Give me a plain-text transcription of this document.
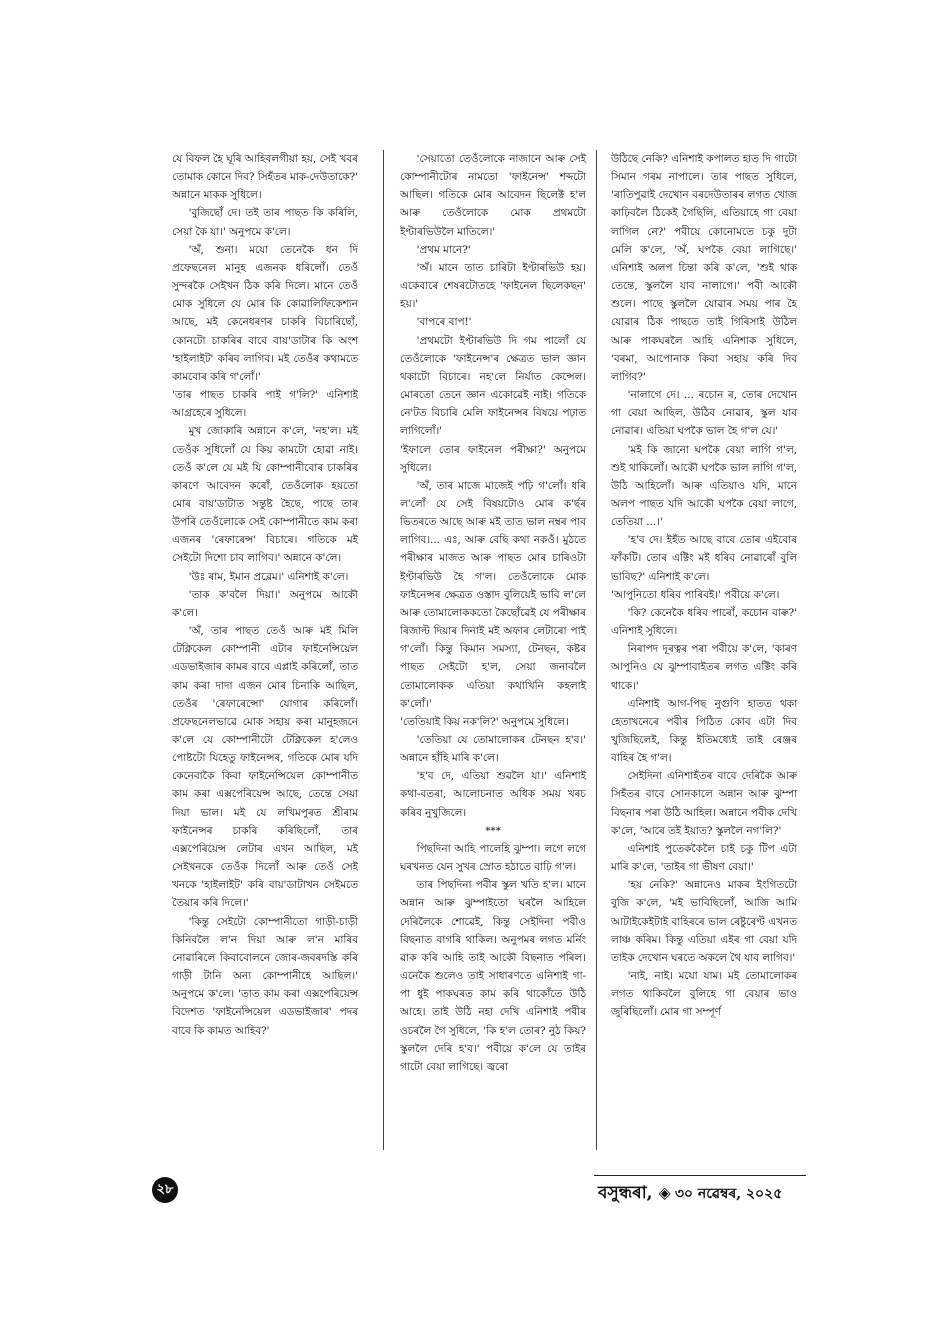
যে বিফল হৈ ঘূৰি আহিবলগীয়া হয়, সেই খবৰ তোমাক কোনে দিব? সিহঁতৰ মাক-দেউতাকে?' অন্নানে মাকক সুধিলে।

'বুজিছোঁ দে। তই তাৰ পাছত কি কৰিলি, সেয়া কৈ যা।' অনুপমে ক'লে।

'অঁ, শুনা। মযো তেনেকৈ ধন দি প্ৰফেছনেল মানুহ এজনক ধৰিলোঁ। তেওঁ সুন্দৰকৈ সেইখন ঠিক কৰি দিলে। মানে তেওঁ মোক সুধিলে যে মোৰ কি কোৱালিফিকেশ্যন আছে, মই কেনেধৰণৰ চাকৰি বিচাৰিছোঁ, কোনটো চাকৰিৰ বাবে বায়'ডাটাৰ কি অংশ 'হাইলাইট' কৰিব লাগিব। মই তেওঁৰ কথামতে কামবোৰ কৰি গ'লোঁ।'

'তাৰ পাছত চাকৰি পাই গ'লি?' এনিশাই আগ্ৰহেৰে সুধিলে।

মুখ জোকাৰি অন্নানে ক'লে, 'নহ'ল। মই তেওঁক সুধিলোঁ যে কিয় কামটো হোৱা নাই। তেওঁ ক'লে যে মই যি কোম্পানীবোৰ চাকৰিৰ কাৰণে আবেদন কৰোঁ, তেওঁলোক হয়তো মোৰ বায়'ডাটাত সন্তুষ্ট হৈছে, পাছে তাৰ উপৰি তেওঁলোকে সেই কোম্পানীতে কাম কৰা এজনৰ 'ৰেফাৰেন্স' বিচাৰে। গতিকে মই সেইটো দিশো চাব লাগিব।' অন্নানে ক'লে।

'উঃ ৰাম, ইমান প্ৰব্লেম।' এনিশাই ক'লে।

'তাক ক'বলৈ দিয়া।' অনুপমে আকৌ ক'লে।

'অঁ, তাৰ পাছত তেওঁ আৰু মই মিলি টেক্নিকেল কোম্পানী এটাৰ ফাইনেন্সিয়েল এডভাইজাৰ কামৰ বাবে এপ্লাই কৰিলোঁ, তাত কাম কৰা দাদা এজন মোৰ চিনাকি আছিল, তেওঁৰ 'ৰেফাৰেন্সো' যোগাৰ কৰিলোঁ। প্ৰফেছনেলভাৱে মোক সহায় কৰা মানুহজনে ক'লে যে কোম্পানীটো টেক্নিকেল হ'লেও পোষ্টটো যিহেতু ফাইনেন্সৰ, গতিকে মোৰ যদি কেনেবাকৈ কিবা ফাইনেন্সিয়েল কোম্পানীত কাম কৰা এক্সপেৰিয়েন্স আছে, তেন্তে সেয়া দিয়া ভাল। মই যে লখিমপুৰত শ্ৰীৰাম ফাইনেন্সৰ চাকৰি কৰিছিলোঁ, তাৰ এক্সপেৰিয়েন্স লেটাৰ এখন আছিল, মই সেইখনকে তেওঁক দিলোঁ আৰু তেওঁ সেই খনকে 'হাইলাইট' কৰি বায়'ডাটাখন সেইমতে তৈয়াৰ কৰি দিলে।'

'কিন্তু সেইটো কোম্পানীতো গাড়ী-চাড়ী কিনিবলৈ ল'ন দিয়া আৰু ল'ন মাৰিব নোৱাৰিলে কিবাবোলনে জোৰ-জবৰদস্তি কৰি গাড়ী টানি অন্য কোম্পানীহে আছিল।' অনুপমে ক'লে। 'তাত কাম কৰা এক্সপেৰিয়েন্স বিদেশত 'ফাইনেন্সিয়েল এডভাইজাৰ' পদৰ বাবে কি কামত আহিব?'

'সেয়াতো তেওঁলোকে নাজানে আৰু সেই কোম্পানীটোৰ নামতো 'ফাইনেন্স' শব্দটো আছিল। গতিকে মোৰ আবেদন ছিলেক্ট হ'ল আৰু তেওঁলোকে মোক প্ৰথমটো ইণ্টাৰভিউলৈ মাতিলে।'

'প্ৰথম মানে?'

'অঁ। মানে তাত চাৰিটা ইণ্টাৰভিউ হয়। একেবাৰে শেষৰটোতহে 'ফাইনেল ছিলেকছন' হয়।'

'বাপৰে বাপ!'

'প্ৰথমটো ইণ্টাৰভিউ দি গম পালোঁ যে তেওঁলোকে 'ফাইনেন্স'ৰ ক্ষেত্ৰত ভাল জ্ঞান থকাটো বিচাৰে। নহ'লে নিৰ্যাত কেন্সেল। মোৰতো তেনে জ্ঞান একোৱেই নাই। গতিকে নে'টত বিচাৰি মেলি ফাইনেন্সৰ বিষয়ে পঢ়াত লাগিলোঁ।'

'ইফালে তোৰ ফাইনেল পৰীক্ষা?' অনুপমে সুধিলে।

'অঁ, তাৰ মাজে মাজেই পঢ়ি গ'লোঁ। ধৰি ল'লোঁ যে সেই বিষয়টোও মোৰ ক'ৰ্ছৰ ভিতৰতে আছে আৰু মই তাত ভাল নম্বৰ পাব লাগিব।... এঃ, আৰু বেছি কথা নকওঁ। মুঠতে পৰীক্ষাৰ মাজত আৰু পাছত মোৰ চাৰিওটা ইণ্টাৰভিউ হৈ গ'ল। তেওঁলোকে মোক ফাইনেন্সৰ ক্ষেত্ৰত ওস্তাদ বুলিয়েই ভাবি ল'লে আৰু তোমালোককতো কৈছোঁৱেই যে পৰীক্ষাৰ ৰিজাল্ট দিয়াৰ দিনাই মই অফাৰ লেটাৰো পাই গ'লোঁ। কিন্তু কিমান সমস্যা, টেনছন, কষ্টৰ পাছত সেইটো হ'ল, সেয়া জনাবলৈ তোমালোকক এতিয়া কথাখিনি কহলাই ক'লোঁ।'

'তেতিয়াই কিয় নক'লি?' অনুপমে সুধিলে।

'তেতিয়া যে তোমালোকৰ টেনছন হ'ব।' অন্নানে হাঁহি মাৰি ক'লে।

'হ'ব দে, এতিয়া শুৱলৈ যা।' এনিশাই কথা-বতৰা, আলোচনাত অধিক সময় খৰচ কৰিব নুখুজিলে।

***

পিছদিনা আহি পালেহি ঝুম্পা। লগে লগে ঘৰখনত যেন সুখৰ স্ৰোত হঠাতে বাঢ়ি গ'ল।

তাৰ পিছদিনা পবীৰ স্কুল খতি হ'ল। মানে অন্নান আৰু ঝুম্পাইতো ঘৰলৈ আহিলে দেৰিলৈকে শোৱেই, কিন্তু সেইদিনা পবীও বিছনাত বাগৰি থাকিল। অনুপমৰ লগত মৰ্নিং ৱাক কৰি আহি তাই আকৌ বিছনাত পৰিল। এনেকৈ শুলেও তাই সাধাৰণতে এনিশাই গা-পা ধুই পাকঘৰত কাম কৰি থাকোঁতে উঠি আহে। তাই উঠি নহা দেখি এনিশাই পবীৰ ওচৰলৈ গৈ সুধিলে, 'কি হ'ল তোৰ? নুঠ কিয়? স্কুললৈ দেৰি হ'ব।' পবীয়ে ক'লে যে তাইৰ গাটো বেয়া লাগিছে। জ্বৰো

উঠিছে নেকি? এনিশাই কপালত হাত দি গাটো সিমান গৰম নাপালে। তাৰ পাছত সুধিলে, 'ৰাতিপুৱাই দেখোন বৰদেউতাৰৰ লগত খোজ কাঢ়িবলৈ ঠিকেই গৈছিলি, এতিয়াহে গা বেয়া লাগিল নে?' পবীয়ে কোনোমতে চকু দুটা মেলি ক'লে, 'অঁ, ঘপকৈ বেয়া লাগিছে।' এনিশাই অলপ চিন্তা কৰি ক'লে, 'শুই থাক তেন্তে, স্কুললৈ যাব নালাগে।' পবী আকৌ শুলে। পাছে স্কুললৈ যোৱাৰ সময় পাৰ হৈ যোৱাৰ ঠিক পাছতে তাই গিৰিসাই উঠিল আৰু পাকঘৰলৈ আহি এনিশাক সুধিলে, 'বৰমা, আপোনাক কিবা সহায় কৰি দিব লাগিব?'

'নালাগে দে। ... ৰচোন ৰ, তোৰ দেখোন গা বেয়া আছিল, উঠিব নোৱাৰ, স্কুল যাব নোৱাৰ। এতিয়া ঘপকৈ ভাল হৈ গ'ল যে।'

'মই কি জানো ঘপকৈ বেয়া লাগি গ'ল, শুই থাকিলোঁ। আকৌ ঘপকৈ ভাল লাগি গ'ল, উঠি আহিলোঁ। আৰু এতিয়াও যদি, মানে অলপ পাছত যদি আকৌ ঘপকৈ বেয়া লাগে, তেতিয়া ...।'

'হ'ব দে। ইহঁত আছে বাবে তোৰ এইবোৰ ফাঁকটি। তোৰ এক্টিং মই ধৰিব নোৱাৰোঁ বুলি ভাবিছ?' এনিশাই ক'লে।

'আপুনিতো ধৰিব পাৰিবই।' পবীয়ে ক'লে।

'কি? কেনেকৈ ধৰিব পাৰোঁ, কচোন বাৰু?' এনিশাই সুধিলে।

নিৰাপদ দূৰত্বৰ পৰা পবীয়ে ক'লে, 'কাৰণ আপুনিও যে ঝুম্পাবাইতৰ লগত এক্টিং কৰি থাকে।'

এনিশাই আগ-পিছ নুগুণি হাতত থকা হেতাখনেৰে পবীৰ পিঠিত কোব এটা দিব খুজিছিলেই, কিন্তু ইতিমধ্যেই তাই ৰেঞ্জৰ বাহিৰ হৈ গ'ল।

সেইদিনা এনিশাহঁতৰ বাবে দেৰিকৈ আৰু সিহঁতৰ বাবে সোনকালে অন্নান আৰু ঝুম্পা বিছনাৰ পৰা উঠি আহিল। অন্নানে পবীক দেখি ক'লে, 'আৰে তই ইয়াত? স্কুললৈ নগ'লি?'

এনিশাই পুতেককৈলৈ চাই চকু টিপ এটা মাৰি ক'লে, 'তাইৰ গা ভীষণ বেয়া।'

'হয় নেকি?' অন্নানেও মাকৰ ইংগিতটো বুজি ক'লে, 'মই ভাবিছিলোঁ, আজি আমি আটাইকেইটাই বাহিৰৰে ভাল ৰেষ্টুৰেণ্ট এখনত লাঞ্চ কৰিম। কিন্তু এতিয়া এইৰ গা বেয়া যদি তাইক দেখোন ঘৰতে অকলে থৈ যাব লাগিব।'

'নাই, নাই। মযো যাম। মই তোমালোকৰ লগত থাকিবলৈ বুলিহে গা বেয়াৰ ভাও জুৰিছিলোঁ। মোৰ গা সম্পূৰ্ণ

২৮	বসুন্ধৰা, ◈ ৩০ নৱেম্বৰ, ২০২৫
